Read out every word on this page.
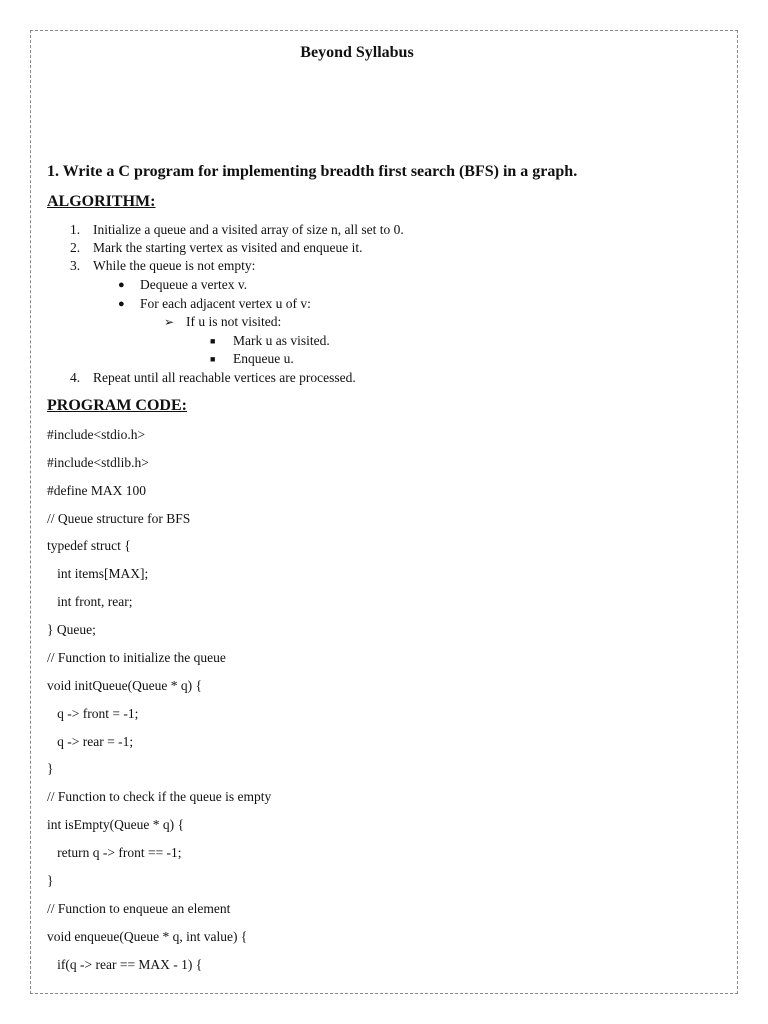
Beyond Syllabus
1. Write a C program for implementing breadth first search (BFS) in a graph.
ALGORITHM:
1. Initialize a queue and a visited array of size n, all set to 0.
2. Mark the starting vertex as visited and enqueue it.
3. While the queue is not empty:
● Dequeue a vertex v.
● For each adjacent vertex u of v:
➢ If u is not visited:
■ Mark u as visited.
■ Enqueue u.
4. Repeat until all reachable vertices are processed.
PROGRAM CODE:
#include<stdio.h>
#include<stdlib.h>
#define MAX 100
// Queue structure for BFS
typedef struct {
int items[MAX];
int front, rear;
} Queue;
// Function to initialize the queue
void initQueue(Queue * q) {
q -> front = -1;
q -> rear = -1;
}
// Function to check if the queue is empty
int isEmpty(Queue * q) {
return q -> front == -1;
}
// Function to enqueue an element
void enqueue(Queue * q, int value) {
if(q -> rear == MAX - 1) {
